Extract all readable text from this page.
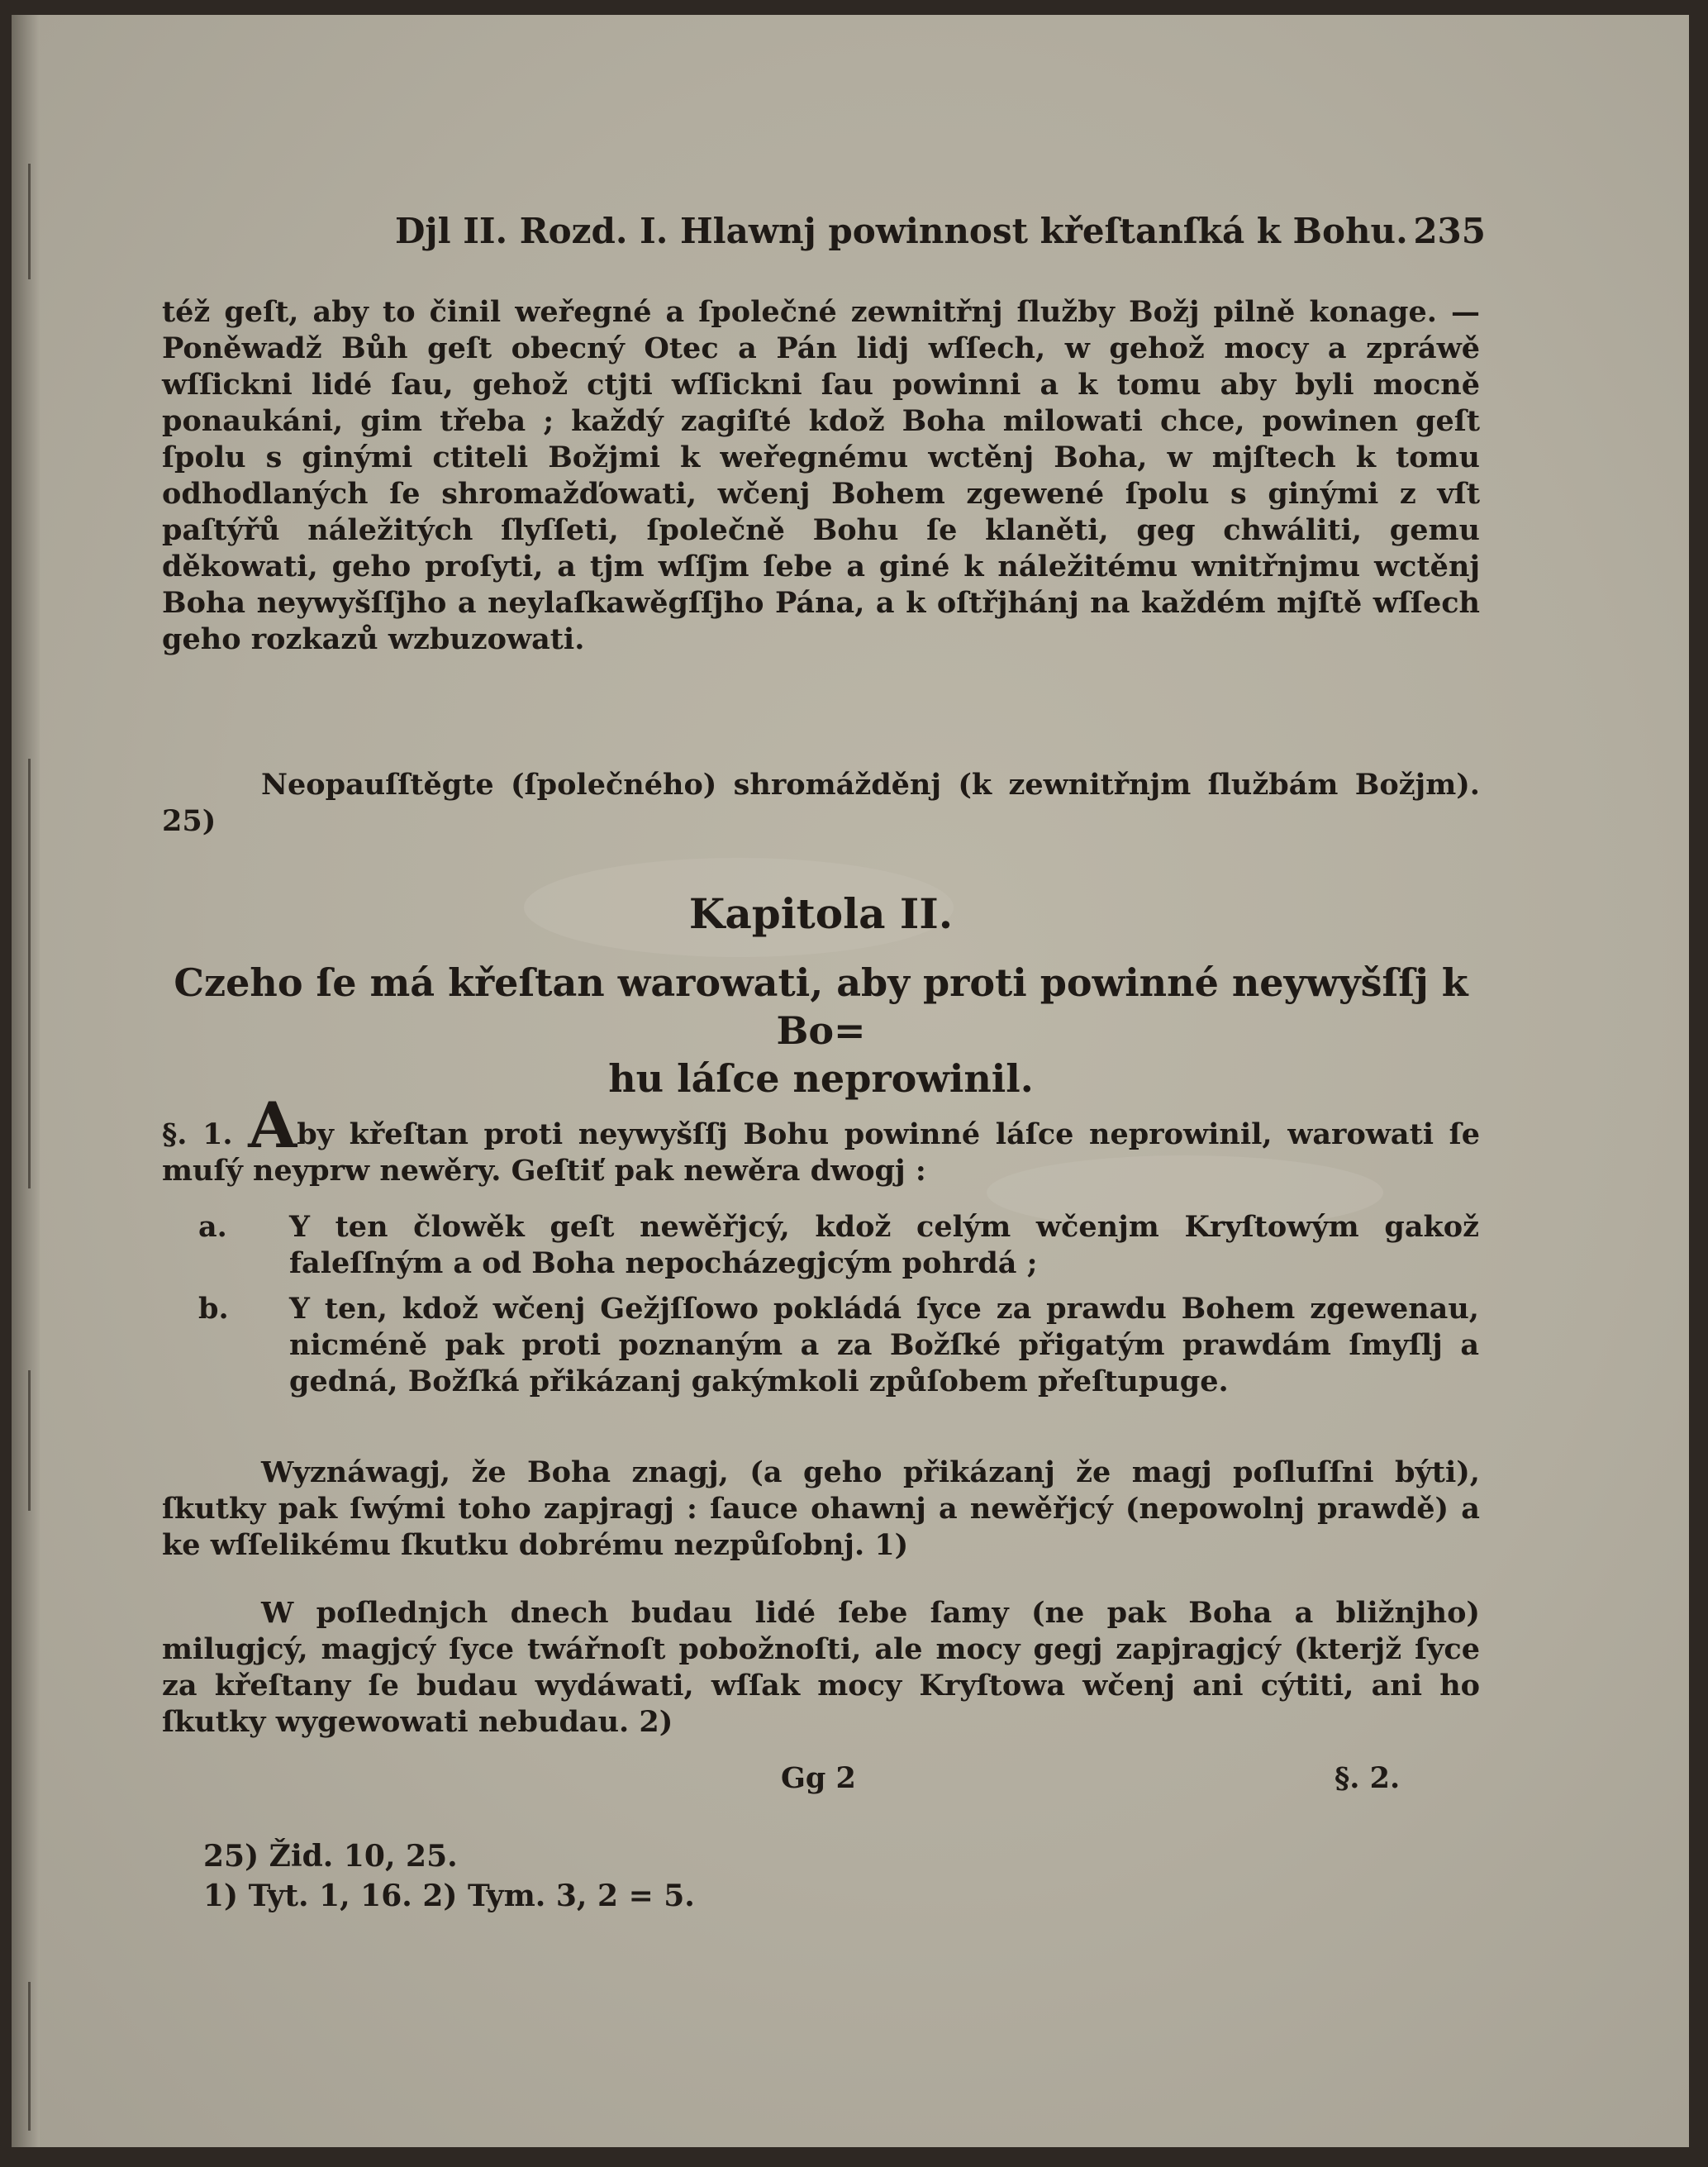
Djl II. Rozd. I. Hlawnj powinnost křeſtanſká k Bohu. 235

též geſt, aby to činil weřegné a ſpolečné zewnitřnj ſlužby Božj pilně konage. — Poněwadž Bůh geſt obecný Otec a Pán lidj wſſech, w gehož mocy a zpráwě wſſickni lidé ſau, gehož ctjti wſſickni ſau powinni a k tomu aby byli mocně ponaukáni, gim třeba ; každý zagiſté kdož Boha milowati chce, powinen geſt ſpolu s ginými ctiteli Božjmi k weřegnému wctěnj Boha, w mjſtech k tomu odhodlaných ſe shromažďowati, wčenj Bohem zgewené ſpolu s ginými z vſt paſtýřů náležitých ſlyſſeti, ſpolečně Bohu ſe klaněti, geg chwáliti, gemu děkowati, geho proſyti, a tjm wſſjm ſebe a giné k náležitému wnitřnjmu wctěnj Boha neywyšſſjho a neylaſkawěgſſjho Pána, a k oſtřjhánj na každém mjſtě wſſech geho rozkazů wzbuzowati.

Neopauſſtěgte (ſpolečného) shromážděnj (k zewnitřnjm ſlužbám Božjm). 25)

Kapitola II.
Czeho ſe má křeſtan warowati, aby proti powinné neywyšſſj k Bo=
hu láſce neprowinil.

§. 1. Aby křeſtan proti neywyšſſj Bohu powinné láſce neprowinil, warowati ſe muſý neyprw newěry. Geſtiť pak newěra dwogj :

a. Y ten člowěk geſt newěřjcý, kdož celým wčenjm Kryſtowým gakož faleſſným a od Boha nepocházegjcým pohrdá ;

b. Y ten, kdož wčenj Gežjſſowo pokládá ſyce za prawdu Bohem zgewenau, nicméně pak proti poznaným a za Božſké přigatým prawdám ſmyſlj a gedná, Božſká přikázanj gakýmkoli způſobem přeſtupuge.

Wyznáwagj, že Boha znagj, (a geho přikázanj že magj poſluſſni býti), ſkutky pak ſwými toho zapjragj : ſauce ohawnj a newěřjcý (nepowolnj prawdě) a ke wſſelikému ſkutku dobrému nezpůſobnj. 1)

W poſlednjch dnech budau lidé ſebe ſamy (ne pak Boha a bližnjho) milugjcý, magjcý ſyce twářnoſt pobožnoſti, ale mocy gegj zapjragjcý (kterjž ſyce za křeſtany ſe budau wydáwati, wſſak mocy Kryſtowa wčenj ani cýtiti, ani ho ſkutky wygewowati nebudau. 2)

Gg 2	§. 2.
25) Žid. 10, 25.
1) Tyt. 1, 16. 2) Tym. 3, 2 = 5.
